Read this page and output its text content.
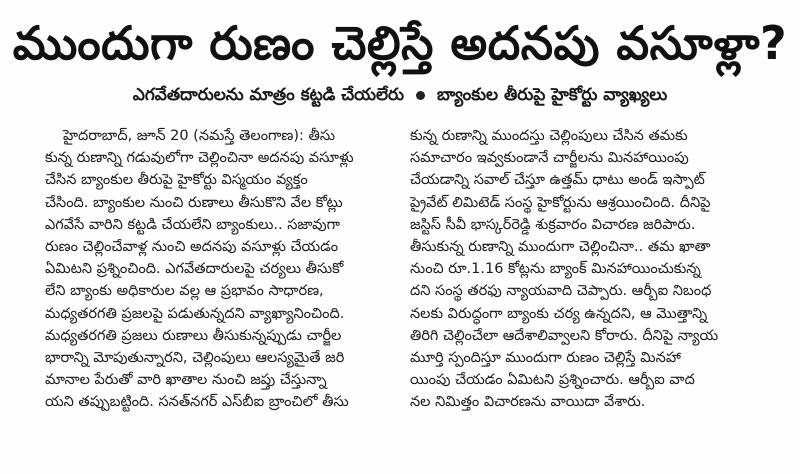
ముందుగా రుణం చెల్లిస్తే అదనపు వసూళ్లా?
ఎగవేతదారులను మాత్రం కట్టడి చేయలేరు బ్యాంకుల తీరుపై హైకోర్టు వ్యాఖ్యలు
హైదరాబాద్, జూన్ 20 (నమస్తే తెలంగాణ): తీసు
కున్న రుణాన్ని గడువులోగా చెల్లించినా అదనపు వసూళ్లు
చేసిన బ్యాంకుల తీరుపై హైకోర్టు విస్మయం వ్యక్తం
చేసింది. బ్యాంకుల నుంచి రుణాలు తీసుకొని వేల కోట్లు
ఎగవేసే వారిని కట్టడి చేయలేని బ్యాంకులు.. సజావుగా
రుణం చెల్లించేవాళ్ల నుంచి అదనపు వసూళ్లు చేయడం
ఏమిటని ప్రశ్నించింది. ఎగవేతదారులపై చర్యలు తీసుకో
లేని బ్యాంకు అధికారుల వల్ల ఆ ప్రభావం సాధారణ,
మధ్యతరగతి ప్రజలపై పడుతున్నదని వ్యాఖ్యానించింది.
మధ్యతరగతి ప్రజలు రుణాలు తీసుకున్నప్పుడు చార్జీల
భారాన్ని మోపుతున్నారని, చెల్లింపులు ఆలస్యమైతే జరి
మానాల పేరుతో వారి ఖాతాల నుంచి జప్తు చేస్తున్నా
యని తప్పుబట్టింది. సనత్‌నగర్ ఎస్‌బీఐ బ్రాంచిలో తీసు
కున్న రుణాన్ని ముందస్తు చెల్లింపులు చేసిన తమకు
సమాచారం ఇవ్వకుండానే చార్జీలను మినహాయింపు
చేయడాన్ని సవాల్ చేస్తూ ఉత్తమ్ ధాటు అండ్ ఇస్పాట్
ప్రైవేట్ లిమిటెడ్ సంస్థ హైకోర్టును ఆశ్రయించింది. దీనిపై
జస్టిస్ సీవీ భాస్కర్‌రెడ్డి శుక్రవారం విచారణ జరిపారు.
తీసుకున్న రుణాన్ని ముందుగా చెల్లించినా.. తమ ఖాతా
నుంచి రూ.1.16 కోట్లను బ్యాంక్ మినహాయించుకున్న
దని సంస్థ తరఫు న్యాయవాది చెప్పారు. ఆర్బీఐ నిబంధ
నలకు విరుద్ధంగా బ్యాంకు చర్య ఉన్నదని, ఆ మొత్తాన్ని
తిరిగి చెల్లించేలా ఆదేశాలివ్వాలని కోరారు. దీనిపై న్యాయ
మూర్తి స్పందిస్తూ ముందుగా రుణం చెల్లిస్తే మినహా
యింపు చేయడం ఏమిటని ప్రశ్నించారు. ఆర్బీఐ వాద
నల నిమిత్తం విచారణను వాయిదా వేశారు.
